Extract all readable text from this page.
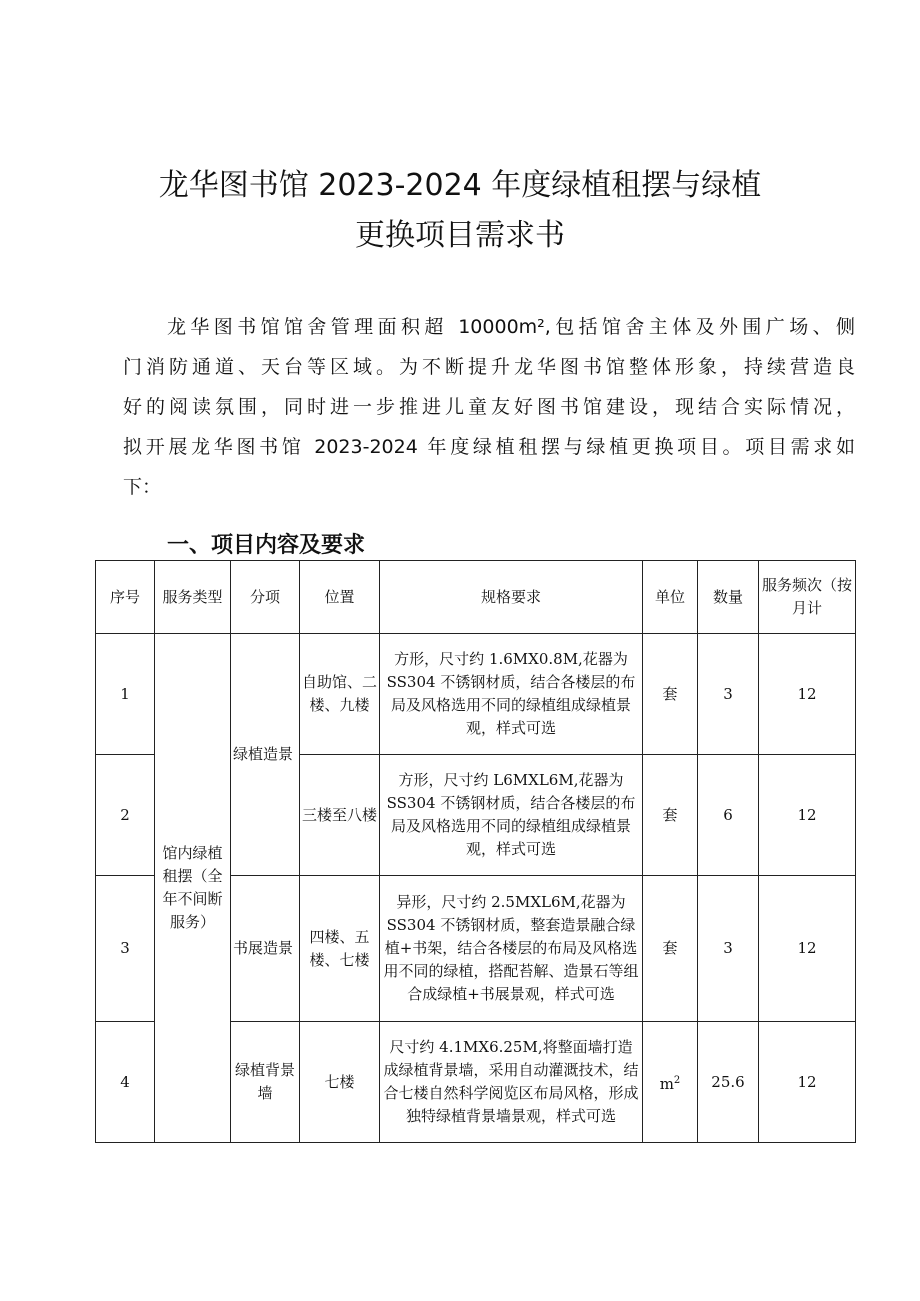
龙华图书馆 2023-2024 年度绿植租摆与绿植
更换项目需求书
龙华图书馆馆舍管理面积超 10000m²,包括馆舍主体及外围广场、侧
门消防通道、天台等区域。为不断提升龙华图书馆整体形象，持续营造良
好的阅读氛围，同时进一步推进儿童友好图书馆建设，现结合实际情况，
拟开展龙华图书馆 2023-2024 年度绿植租摆与绿植更换项目。项目需求如
下：
一、项目内容及要求
序号	服务类型	分项	位置	规格要求	单位	数量	服务频次（按月计
1	馆内绿植租摆（全年不间断服务）	绿植造景	自助馆、二楼、九楼	方形，尺寸约 1.6MX0.8M,花器为SS304 不锈钢材质，结合各楼层的布局及风格选用不同的绿植组成绿植景观，样式可选	套	3	12
2			三楼至八楼	方形，尺寸约 L6MXL6M,花器为SS304 不锈钢材质，结合各楼层的布局及风格选用不同的绿植组成绿植景观，样式可选	套	6	12
3		书展造景	四楼、五楼、七楼	异形，尺寸约 2.5MXL6M,花器为SS304 不锈钢材质，整套造景融合绿植+书架，结合各楼层的布局及风格选用不同的绿植，搭配苔解、造景石等组合成绿植+书展景观，样式可选	套	3	12
4		绿植背景墙	七楼	尺寸约 4.1MX6.25M,将整面墙打造成绿植背景墙，采用自动灌溉技术，结合七楼自然科学阅览区布局风格，形成独特绿植背景墙景观，样式可选	$m^2$	25.6	12
